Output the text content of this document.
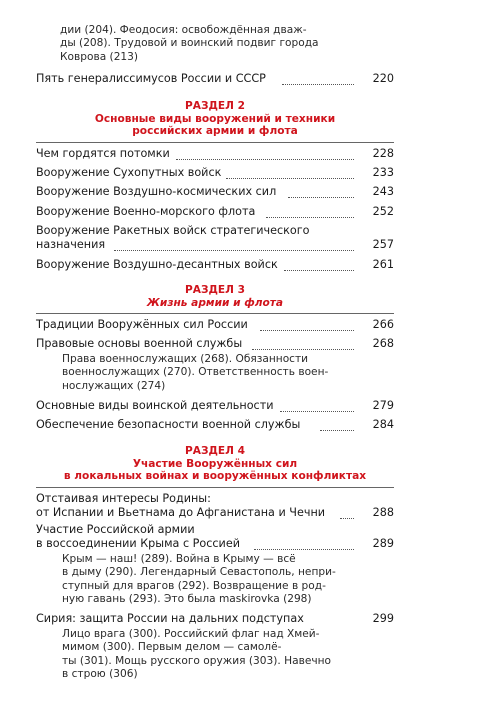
дии (204). Феодосия: освобождённая дваж-
ды (208). Трудовой и воинский подвиг города
Коврова (213)
Пять генералиссимусов России и СССР	220
РАЗДЕЛ 2
Основные виды вооружений и техники
российских армии и флота
Чем гордятся потомки	228
Вооружение Сухопутных войск	233
Вооружение Воздушно-космических сил	243
Вооружение Военно-морского флота	252
Вооружение Ракетных войск стратегического
назначения	257
Вооружение Воздушно-десантных войск	261
РАЗДЕЛ 3
Жизнь армии и флота
Традиции Вооружённых сил России	266
Правовые основы военной службы	268
Права военнослужащих (268). Обязанности
военнослужащих (270). Ответственность воен-
нослужащих (274)
Основные виды воинской деятельности	279
Обеспечение безопасности военной службы	284
РАЗДЕЛ 4
Участие Вооружённых сил
в локальных войнах и вооружённых конфликтах
Отстаивая интересы Родины:
от Испании и Вьетнама до Афганистана и Чечни	288
Участие Российской армии
в воссоединении Крыма с Россией	289
Крым — наш! (289). Война в Крыму — всё
в дыму (290). Легендарный Севастополь, непри-
ступный для врагов (292). Возвращение в род-
ную гавань (293). Это была maskirovka (298)
Сирия: защита России на дальних подступах	299
Лицо врага (300). Российский флаг над Хмей-
мимом (300). Первым делом — самолё-
ты (301). Мощь русского оружия (303). Навечно
в строю (306)
